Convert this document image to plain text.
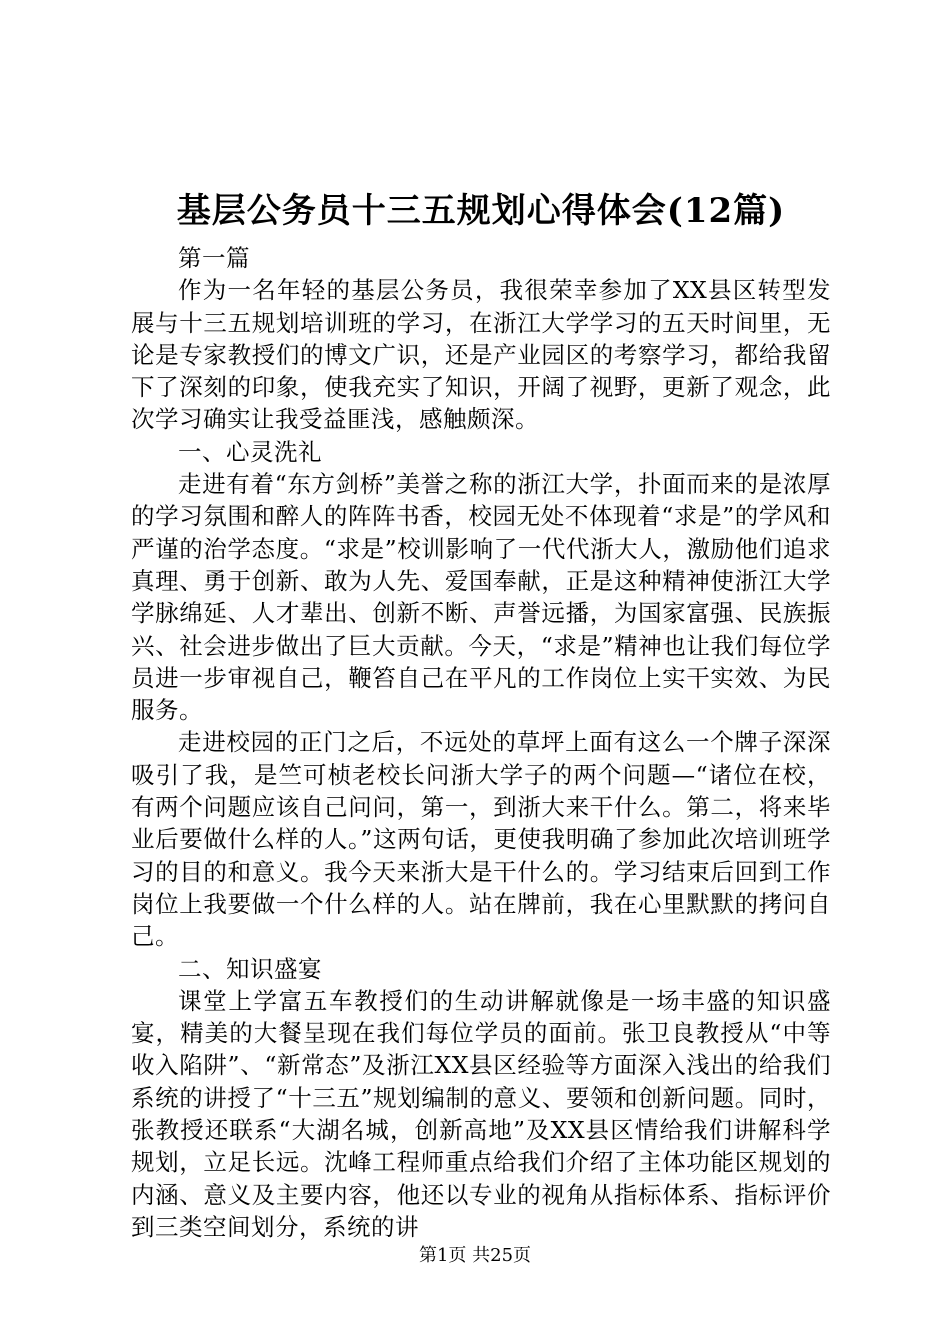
基层公务员十三五规划心得体会(12篇)

第一篇

作为一名年轻的基层公务员，我很荣幸参加了XX县区转型发展与十三五规划培训班的学习，在浙江大学学习的五天时间里，无论是专家教授们的博文广识，还是产业园区的考察学习，都给我留下了深刻的印象，使我充实了知识，开阔了视野，更新了观念，此次学习确实让我受益匪浅，感触颇深。

一、心灵洗礼

走进有着“东方剑桥”美誉之称的浙江大学，扑面而来的是浓厚的学习氛围和醉人的阵阵书香，校园无处不体现着“求是”的学风和严谨的治学态度。“求是”校训影响了一代代浙大人，激励他们追求真理、勇于创新、敢为人先、爱国奉献，正是这种精神使浙江大学学脉绵延、人才辈出、创新不断、声誉远播，为国家富强、民族振兴、社会进步做出了巨大贡献。今天，“求是”精神也让我们每位学员进一步审视自己，鞭笞自己在平凡的工作岗位上实干实效、为民服务。

走进校园的正门之后，不远处的草坪上面有这么一个牌子深深吸引了我，是竺可桢老校长问浙大学子的两个问题—“诸位在校，有两个问题应该自己问问，第一，到浙大来干什么。第二，将来毕业后要做什么样的人。”这两句话，更使我明确了参加此次培训班学习的目的和意义。我今天来浙大是干什么的。学习结束后回到工作岗位上我要做一个什么样的人。站在牌前，我在心里默默的拷问自己。

二、知识盛宴

课堂上学富五车教授们的生动讲解就像是一场丰盛的知识盛宴，精美的大餐呈现在我们每位学员的面前。张卫良教授从“中等收入陷阱”、“新常态”及浙江XX县区经验等方面深入浅出的给我们系统的讲授了“十三五”规划编制的意义、要领和创新问题。同时，张教授还联系“大湖名城，创新高地”及XX县区情给我们讲解科学规划，立足长远。沈峰工程师重点给我们介绍了主体功能区规划的内涵、意义及主要内容，他还以专业的视角从指标体系、指标评价到三类空间划分，系统的讲

第1页 共25页
